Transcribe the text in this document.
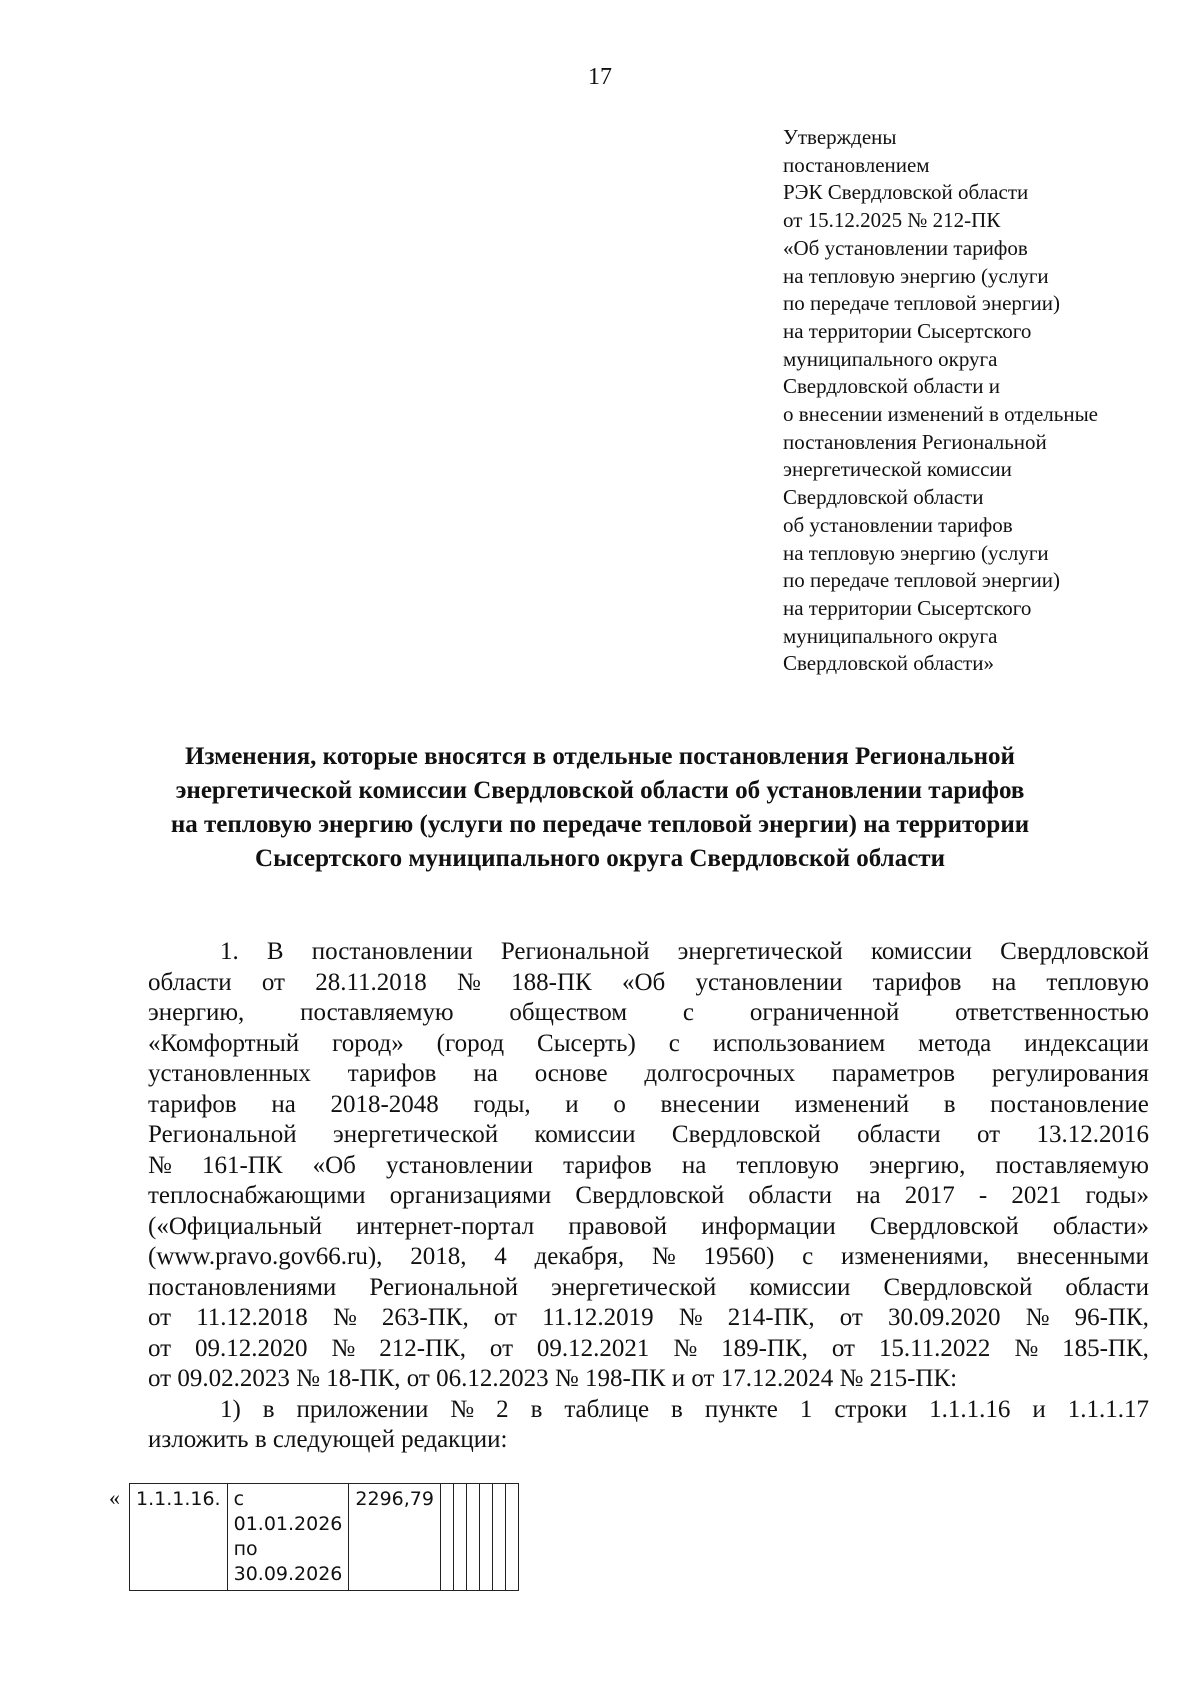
17
Утверждены
постановлением
РЭК Свердловской области
от 15.12.2025 № 212-ПК
«Об установлении тарифов
на тепловую энергию (услуги
по передаче тепловой энергии)
на территории Сысертского
муниципального округа
Свердловской области и
о внесении изменений в отдельные
постановления Региональной
энергетической комиссии
Свердловской области
об установлении тарифов
на тепловую энергию (услуги
по передаче тепловой энергии)
на территории Сысертского
муниципального округа
Свердловской области»
Изменения, которые вносятся в отдельные постановления Региональной
энергетической комиссии Свердловской области об установлении тарифов
на тепловую энергию (услуги по передаче тепловой энергии) на территории
Сысертского муниципального округа Свердловской области
1. В постановлении Региональной энергетической комиссии Свердловской
области от 28.11.2018 № 188-ПК «Об установлении тарифов на тепловую
энергию, поставляемую обществом с ограниченной ответственностью
«Комфортный город» (город Сысерть) с использованием метода индексации
установленных тарифов на основе долгосрочных параметров регулирования
тарифов на 2018-2048 годы, и о внесении изменений в постановление
Региональной энергетической комиссии Свердловской области от 13.12.2016
№ 161-ПК «Об установлении тарифов на тепловую энергию, поставляемую
теплоснабжающими организациями Свердловской области на 2017 - 2021 годы»
(«Официальный интернет-портал правовой информации Свердловской области»
(www.pravo.gov66.ru), 2018, 4 декабря, № 19560) с изменениями, внесенными
постановлениями Региональной энергетической комиссии Свердловской области
от 11.12.2018 № 263-ПК, от 11.12.2019 № 214-ПК, от 30.09.2020 № 96-ПК,
от 09.12.2020 № 212-ПК, от 09.12.2021 № 189-ПК, от 15.11.2022 № 185-ПК,
от 09.02.2023 № 18-ПК, от 06.12.2023 № 198-ПК и от 17.12.2024 № 215-ПК:
1) в приложении № 2 в таблице в пункте 1 строки 1.1.1.16 и 1.1.1.17
изложить в следующей редакции:
« 1.1.1.16.	с 01.01.2026 по 30.09.2026	2296,79						
